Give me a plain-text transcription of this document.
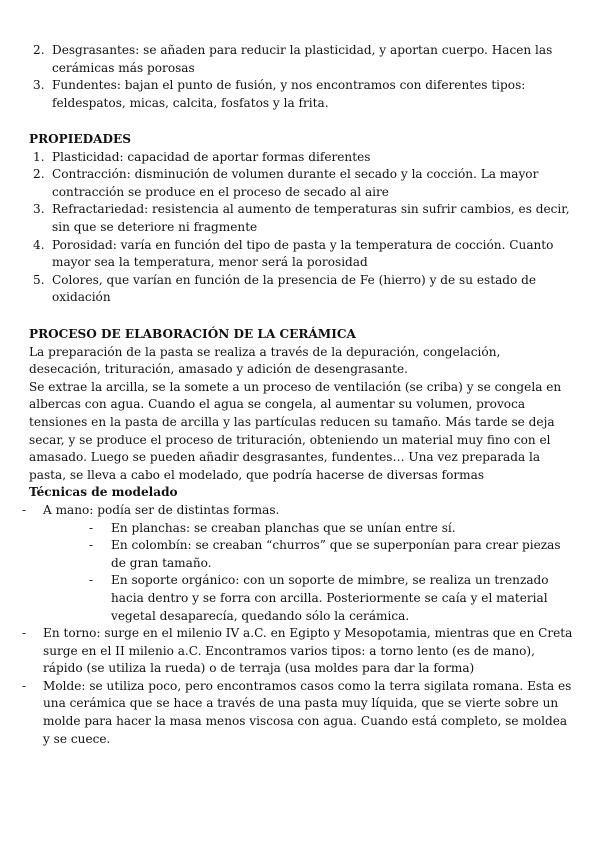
2. Desgrasantes: se añaden para reducir la plasticidad, y aportan cuerpo. Hacen las cerámicas más porosas
3. Fundentes: bajan el punto de fusión, y nos encontramos con diferentes tipos: feldespatos, micas, calcita, fosfatos y la frita.
PROPIEDADES
1. Plasticidad: capacidad de aportar formas diferentes
2. Contracción: disminución de volumen durante el secado y la cocción. La mayor contracción se produce en el proceso de secado al aire
3. Refractariedad: resistencia al aumento de temperaturas sin sufrir cambios, es decir, sin que se deteriore ni fragmente
4. Porosidad: varía en función del tipo de pasta y la temperatura de cocción. Cuanto mayor sea la temperatura, menor será la porosidad
5. Colores, que varían en función de la presencia de Fe (hierro) y de su estado de oxidación
PROCESO DE ELABORACIÓN DE LA CERÁMICA

La preparación de la pasta se realiza a través de la depuración, congelación, desecación, trituración, amasado y adición de desengrasante.

Se extrae la arcilla, se la somete a un proceso de ventilación (se criba) y se congela en albercas con agua. Cuando el agua se congela, al aumentar su volumen, provoca tensiones en la pasta de arcilla y las partículas reducen su tamaño. Más tarde se deja secar, y se produce el proceso de trituración, obteniendo un material muy fino con el amasado. Luego se pueden añadir desgrasantes, fundentes… Una vez preparada la pasta, se lleva a cabo el modelado, que podría hacerse de diversas formas

Técnicas de modelado
- A mano: podía ser de distintas formas.
- En planchas: se creaban planchas que se unían entre sí.
- En colombín: se creaban “churros” que se superponían para crear piezas de gran tamaño.
- En soporte orgánico: con un soporte de mimbre, se realiza un trenzado hacia dentro y se forra con arcilla. Posteriormente se caía y el material vegetal desaparecía, quedando sólo la cerámica.
- En torno: surge en el milenio IV a.C. en Egipto y Mesopotamia, mientras que en Creta surge en el II milenio a.C. Encontramos varios tipos: a torno lento (es de mano), rápido (se utiliza la rueda) o de terraja (usa moldes para dar la forma)
- Molde: se utiliza poco, pero encontramos casos como la terra sigilata romana. Esta es una cerámica que se hace a través de una pasta muy líquida, que se vierte sobre un molde para hacer la masa menos viscosa con agua. Cuando está completo, se moldea y se cuece.
